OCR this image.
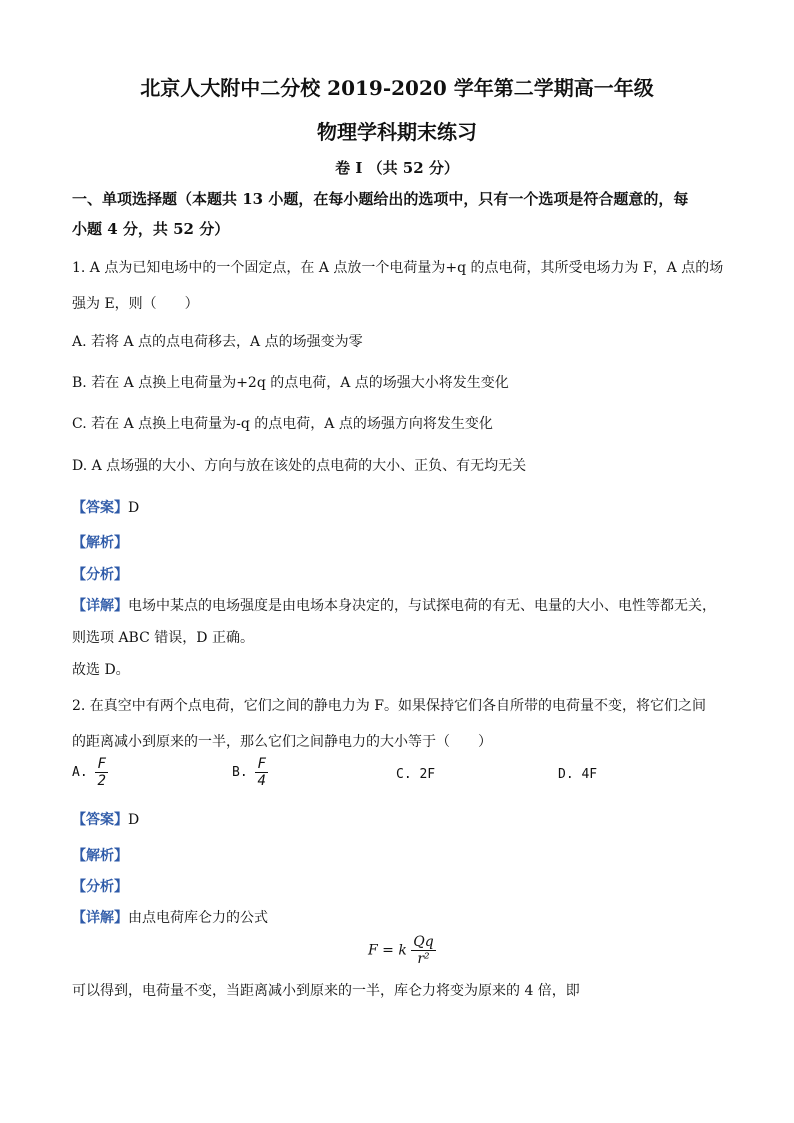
北京人大附中二分校 2019-2020 学年第二学期高一年级
物理学科期末练习
卷 I （共 52 分）
一、单项选择题（本题共 13 小题，在每小题给出的选项中，只有一个选项是符合题意的，每
小题 4 分，共 52 分）
1. A 点为已知电场中的一个固定点，在 A 点放一个电荷量为+q 的点电荷，其所受电场力为 F，A 点的场
强为 E，则（　　）
A. 若将 A 点的点电荷移去，A 点的场强变为零
B. 若在 A 点换上电荷量为+2q 的点电荷，A 点的场强大小将发生变化
C. 若在 A 点换上电荷量为-q 的点电荷，A 点的场强方向将发生变化
D. A 点场强的大小、方向与放在该处的点电荷的大小、正负、有无均无关
【答案】D
【解析】
【分析】
【详解】电场中某点的电场强度是由电场本身决定的，与试探电荷的有无、电量的大小、电性等都无关，
则选项 ABC 错误，D 正确。
故选 D。
2. 在真空中有两个点电荷，它们之间的静电力为 F。如果保持它们各自所带的电荷量不变，将它们之间
的距离减小到原来的一半，那么它们之间静电力的大小等于（　　）
A. $\frac{F}{2}$	B. $\frac{F}{4}$	C. 2F	D. 4F
【答案】D
【解析】
【分析】
【详解】由点电荷库仑力的公式
F = k $\frac{Qq}{\text{r²}}$
可以得到，电荷量不变，当距离减小到原来的一半，库仑力将变为原来的 4 倍，即
